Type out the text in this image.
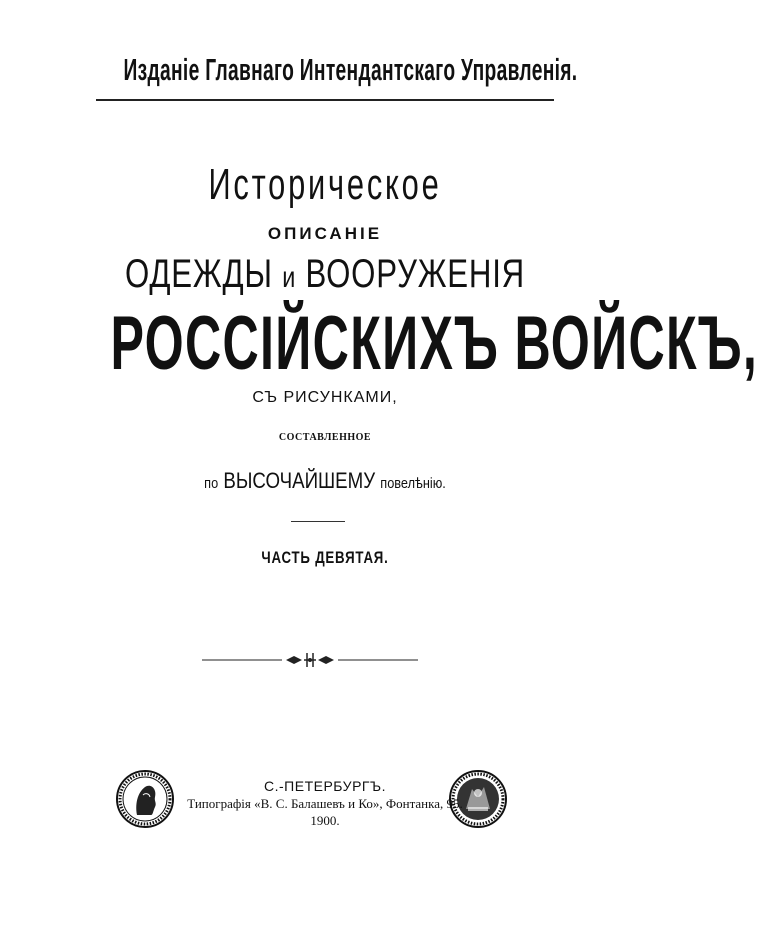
Изданіе Главнаго Интендантскаго Управленія.
Историческое
ОПИСАНІЕ
ОДЕЖДЫ и ВООРУЖЕНІЯ
РОССІЙСКИХЪ ВОЙСКЪ,
СЪ РИСУНКАМИ,
СОСТАВЛЕННОЕ
по ВЫСОЧАЙШЕМУ повелѣнію.
ЧАСТЬ ДЕВЯТАЯ.
С.-ПЕТЕРБУРГЪ.
Типографія «В. С. Балашевъ и Ко», Фонтанка, 95.
1900.
